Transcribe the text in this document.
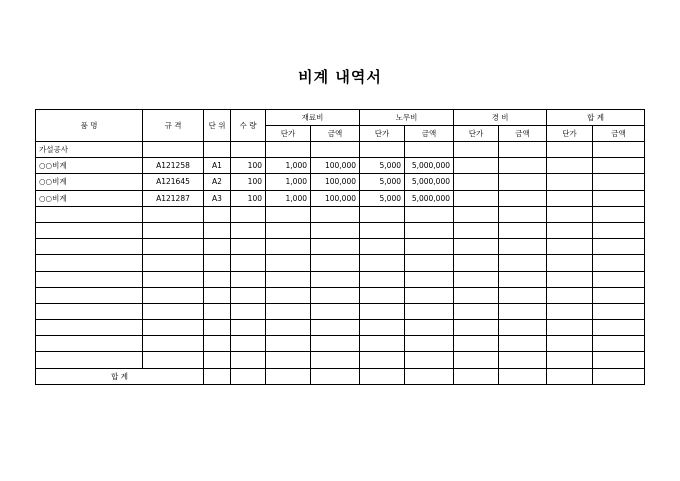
비계 내역서
품 명	규 격	단 위	수 량	재료비		노무비		경 비		합 계	
				단가	금액	단가	금액	단가	금액	단가	금액
가설공사											
○○비계	A121258	A1	100	1,000	100,000	5,000	5,000,000				
○○비계	A121645	A2	100	1,000	100,000	5,000	5,000,000				
○○비계	A121287	A3	100	1,000	100,000	5,000	5,000,000				

합 계											
